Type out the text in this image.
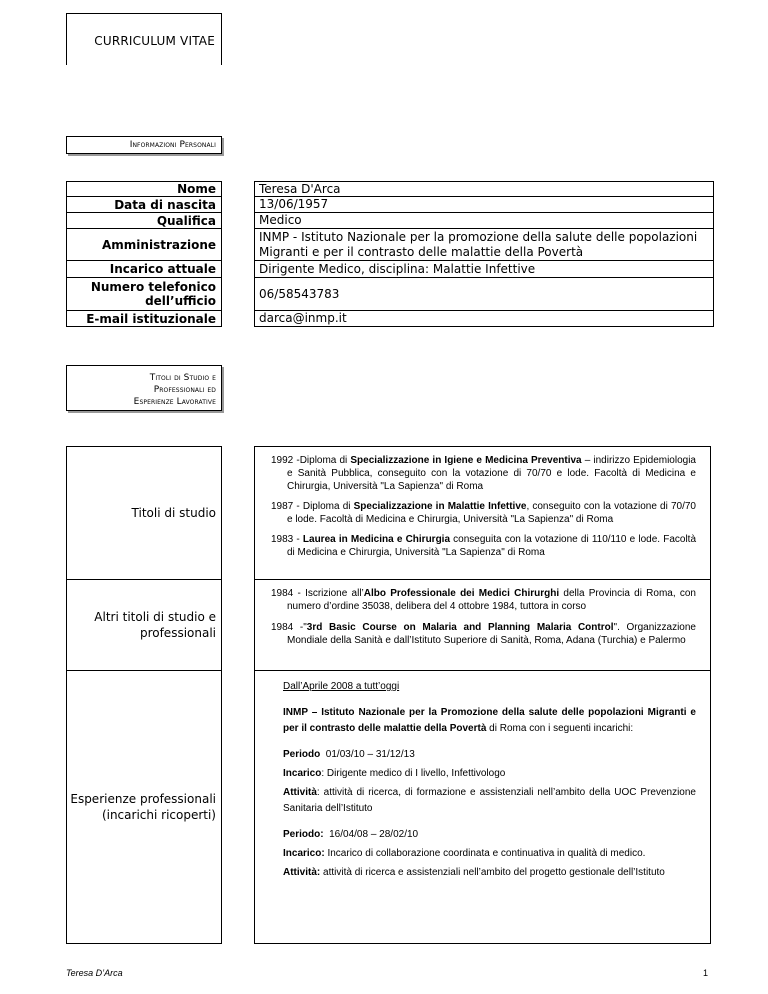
CURRICULUM VITAE
Informazioni Personali
Nome
Data di nascita
Qualifica
Amministrazione
Incarico attuale
Numero telefonico dell’ufficio
E-mail istituzionale
Teresa D'Arca
13/06/1957
Medico
INMP - Istituto Nazionale per la promozione della salute delle popolazioni Migranti e per il contrasto delle malattie della Povertà
Dirigente Medico, disciplina: Malattie Infettive
06/58543783
darca@inmp.it
Titoli di Studio e
Professionali ed
Esperienze Lavorative
Titoli di studio
1992 -Diploma di Specializzazione in Igiene e Medicina Preventiva – indirizzo Epidemiologia e Sanità Pubblica, conseguito con la votazione di 70/70 e lode. Facoltà di Medicina e Chirurgia, Università "La Sapienza" di Roma
1987 - Diploma di Specializzazione in Malattie Infettive, conseguito con la votazione di 70/70 e lode. Facoltà di Medicina e Chirurgia, Università "La Sapienza" di Roma
1983 - Laurea in Medicina e Chirurgia conseguita con la votazione di 110/110 e lode. Facoltà di Medicina e Chirurgia, Università "La Sapienza" di Roma
Altri titoli di studio e professionali
1984 - Iscrizione all’Albo Professionale dei Medici Chirurghi della Provincia di Roma, con numero d’ordine 35038, delibera del 4 ottobre 1984, tuttora in corso
1984 -"3rd Basic Course on Malaria and Planning Malaria Control". Organizzazione Mondiale della Sanità e dall’Istituto Superiore di Sanità, Roma, Adana (Turchia) e Palermo
Esperienze professionali (incarichi ricoperti)
Dall’Aprile 2008 a tutt’oggi
INMP – Istituto Nazionale per la Promozione della salute delle popolazioni Migranti e per il contrasto delle malattie della Povertà di Roma con i seguenti incarichi:
Periodo  01/03/10 – 31/12/13
Incarico: Dirigente medico di I livello, Infettivologo
Attività: attività di ricerca, di formazione e assistenziali nell’ambito della UOC Prevenzione Sanitaria dell’Istituto
Periodo:  16/04/08 – 28/02/10
Incarico: Incarico di collaborazione coordinata e continuativa in qualità di medico.
Attività: attività di ricerca e assistenziali nell’ambito del progetto gestionale dell’Istituto
Teresa D’Arca	1
